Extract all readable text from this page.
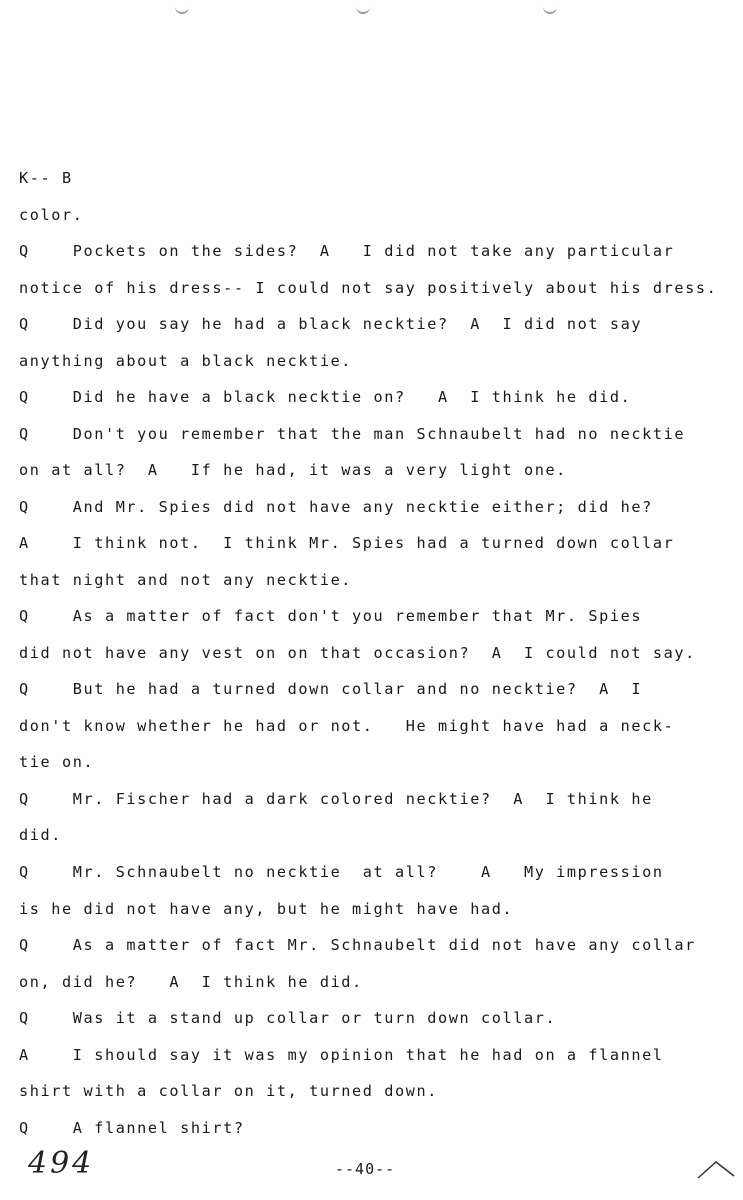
K-- B
color.
Q    Pockets on the sides?  A   I did not take any particular
notice of his dress-- I could not say positively about his dress.
Q    Did you say he had a black necktie?  A  I did not say
anything about a black necktie.
Q    Did he have a black necktie on?   A  I think he did.
Q    Don't you remember that the man Schnaubelt had no necktie
on at all?  A   If he had, it was a very light one.
Q    And Mr. Spies did not have any necktie either; did he?
A    I think not.  I think Mr. Spies had a turned down collar
that night and not any necktie.
Q    As a matter of fact don't you remember that Mr. Spies
did not have any vest on on that occasion?  A  I could not say.
Q    But he had a turned down collar and no necktie?  A  I
don't know whether he had or not.   He might have had a neck-
tie on.
Q    Mr. Fischer had a dark colored necktie?  A  I think he
did.
Q    Mr. Schnaubelt no necktie  at all?    A   My impression
is he did not have any, but he might have had.
Q    As a matter of fact Mr. Schnaubelt did not have any collar
on, did he?   A  I think he did.
Q    Was it a stand up collar or turn down collar.
A    I should say it was my opinion that he had on a flannel
shirt with a collar on it, turned down.
Q    A flannel shirt?
494	--40--
